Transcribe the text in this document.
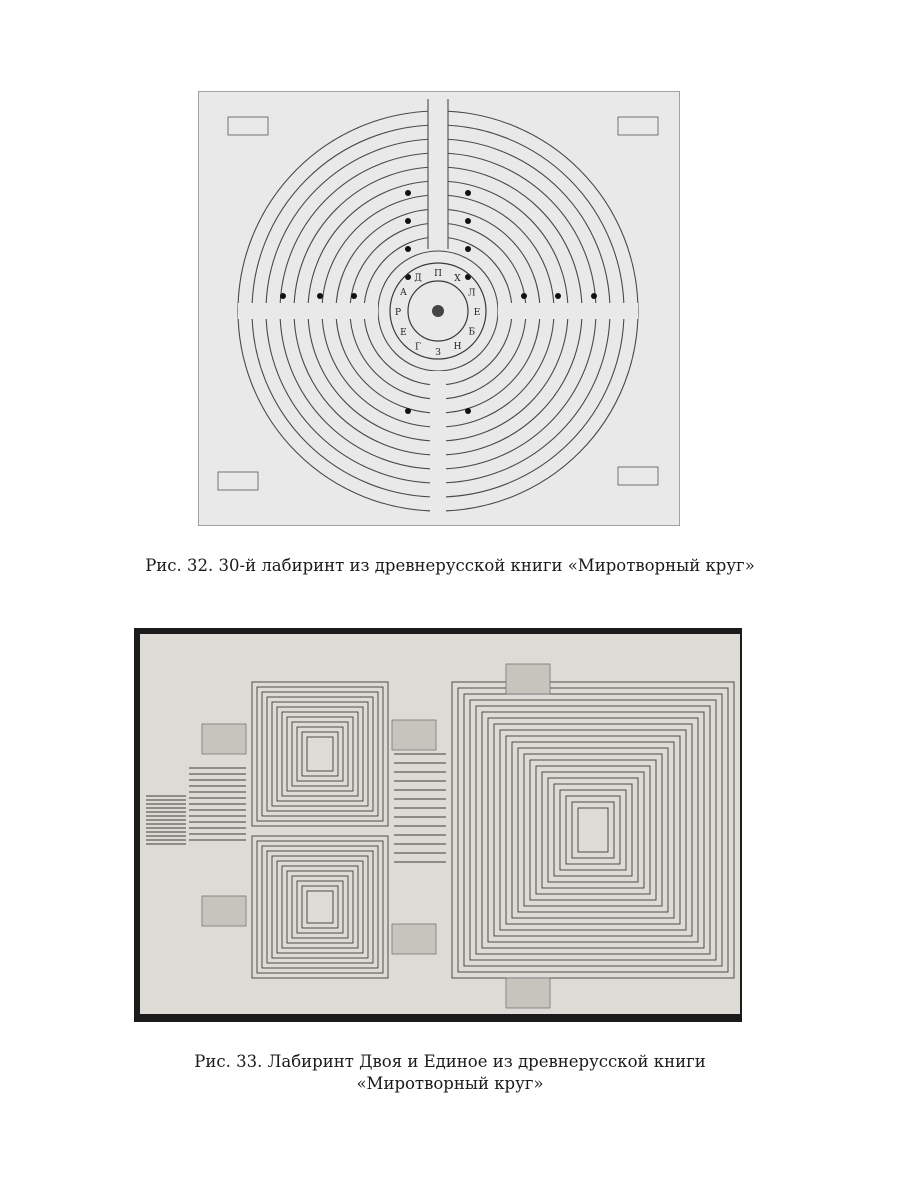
П
Х
Л
Е
Б
Н
З
Г
Е
Р
А
Д
Рис. 32. 30-й лабиринт из древнерусской книги «Миротворный круг»
Рис. 33. Лабиринт Двоя и Единое из древнерусской книги
«Миротворный круг»
